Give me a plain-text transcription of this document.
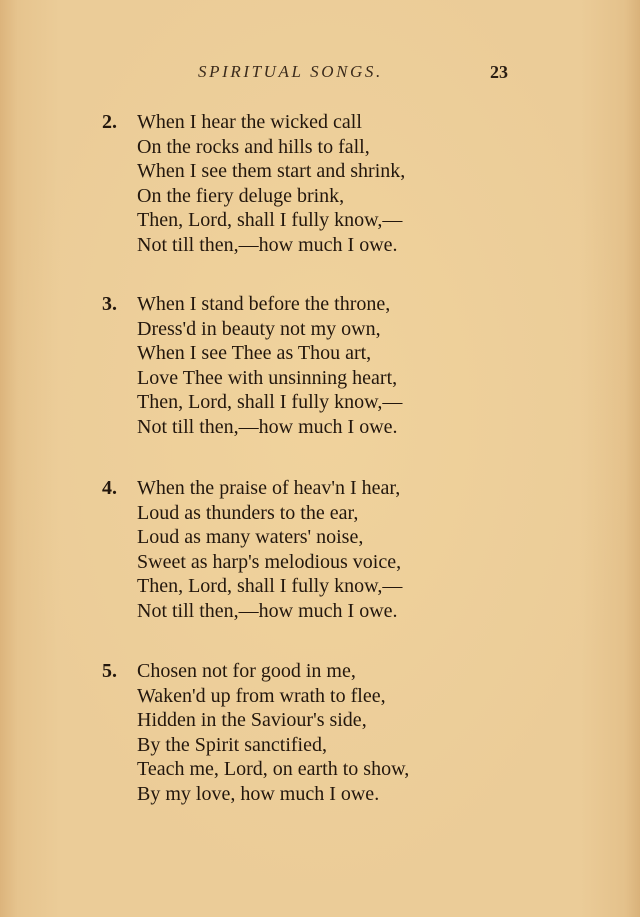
SPIRITUAL SONGS.	23
2. When I hear the wicked call
On the rocks and hills to fall,
When I see them start and shrink,
On the fiery deluge brink,
Then, Lord, shall I fully know,—
Not till then,—how much I owe.
3. When I stand before the throne,
Dress'd in beauty not my own,
When I see Thee as Thou art,
Love Thee with unsinning heart,
Then, Lord, shall I fully know,—
Not till then,—how much I owe.
4. When the praise of heav'n I hear,
Loud as thunders to the ear,
Loud as many waters' noise,
Sweet as harp's melodious voice,
Then, Lord, shall I fully know,—
Not till then,—how much I owe.
5. Chosen not for good in me,
Waken'd up from wrath to flee,
Hidden in the Saviour's side,
By the Spirit sanctified,
Teach me, Lord, on earth to show,
By my love, how much I owe.
